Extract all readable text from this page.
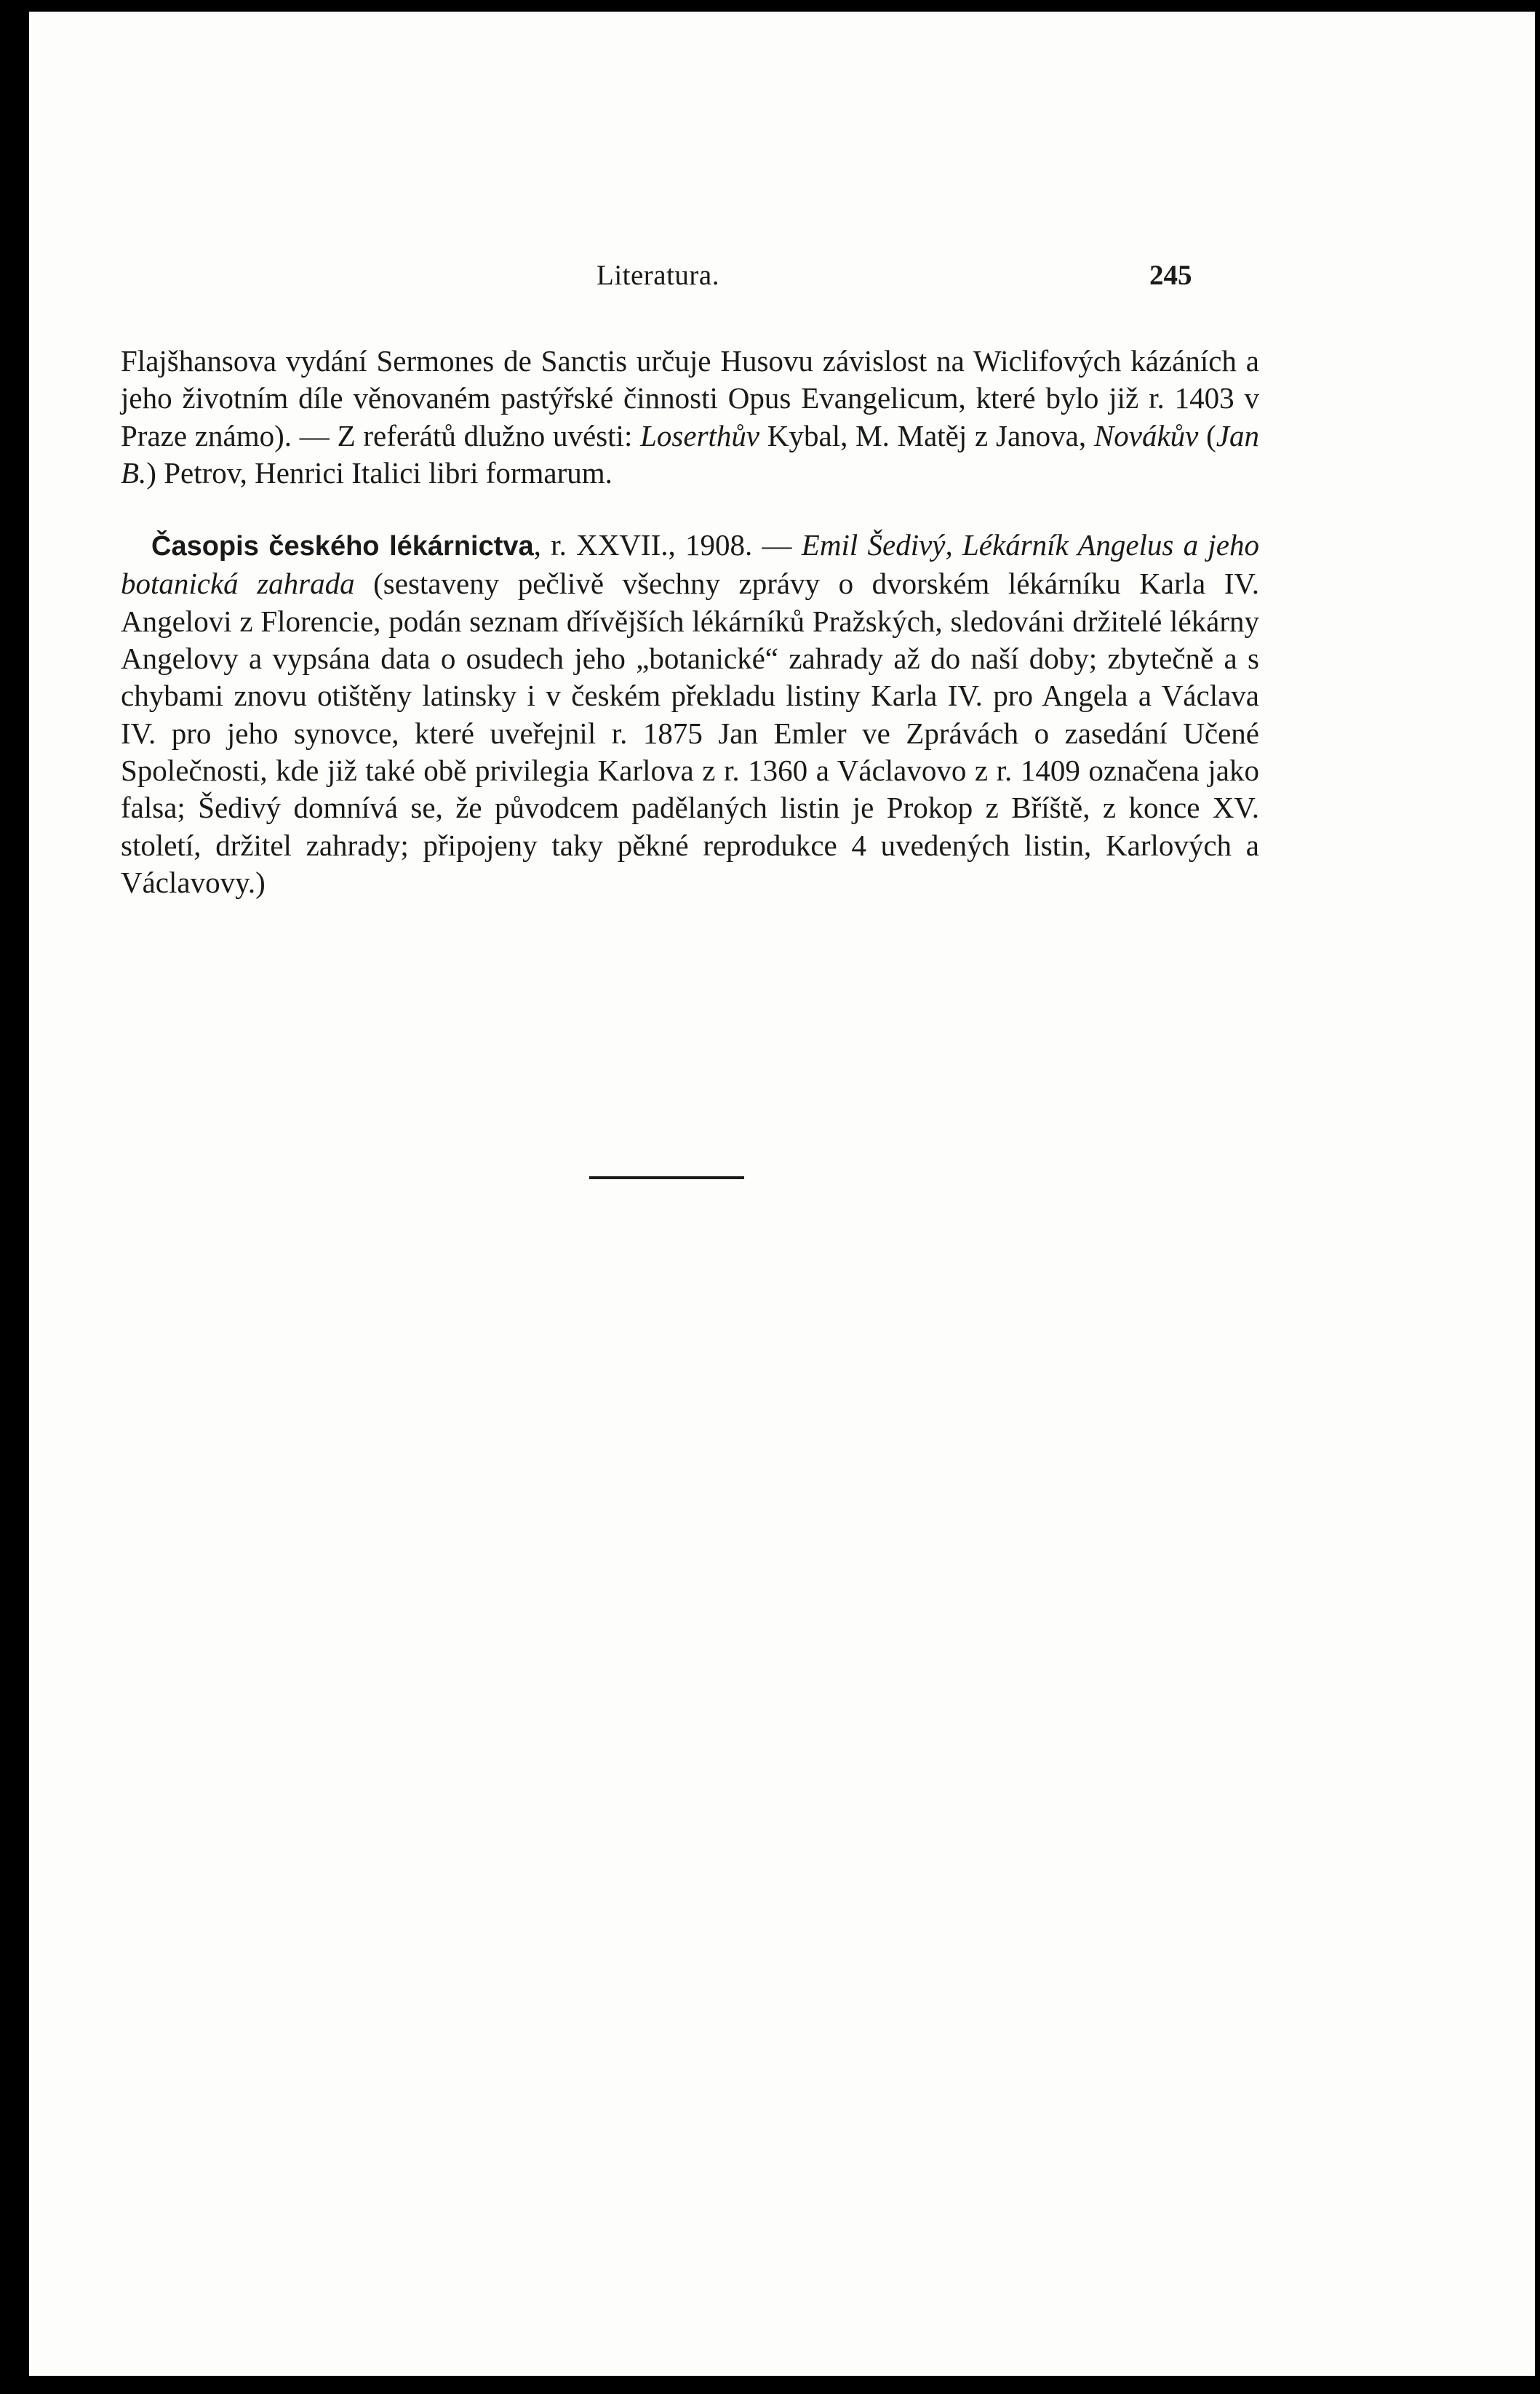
Literatura.	245

Flajšhansova vydání Sermones de Sanctis určuje Husovu závislost na Wiclifových kázáních a jeho životním díle věnovaném pastýřské činnosti Opus Evangelicum, které bylo již r. 1403 v Praze známo). — Z referátů dlužno uvésti: Loserthův Kybal, M. Matěj z Janova, Novákův (Jan B.) Petrov, Henrici Italici libri formarum.

Časopis českého lékárnictva, r. XXVII., 1908. — Emil Šedivý, Lékárník Angelus a jeho botanická zahrada (sestaveny pečlivě všechny zprávy o dvorském lékárníku Karla IV. Angelovi z Florencie, podán seznam dřívějších lékárníků Pražských, sledováni držitelé lékárny Angelovy a vypsána data o osudech jeho „botanické“ zahrady až do naší doby; zbytečně a s chybami znovu otištěny latinsky i v českém překladu listiny Karla IV. pro Angela a Václava IV. pro jeho synovce, které uveřejnil r. 1875 Jan Emler ve Zprávách o zasedání Učené Společnosti, kde již také obě privilegia Karlova z r. 1360 a Václavovo z r. 1409 označena jako falsa; Šedivý domnívá se, že původcem padělaných listin je Prokop z Bříště, z konce XV. století, držitel zahrady; připojeny taky pěkné reprodukce 4 uvedených listin, Karlových a Václavovy.)
